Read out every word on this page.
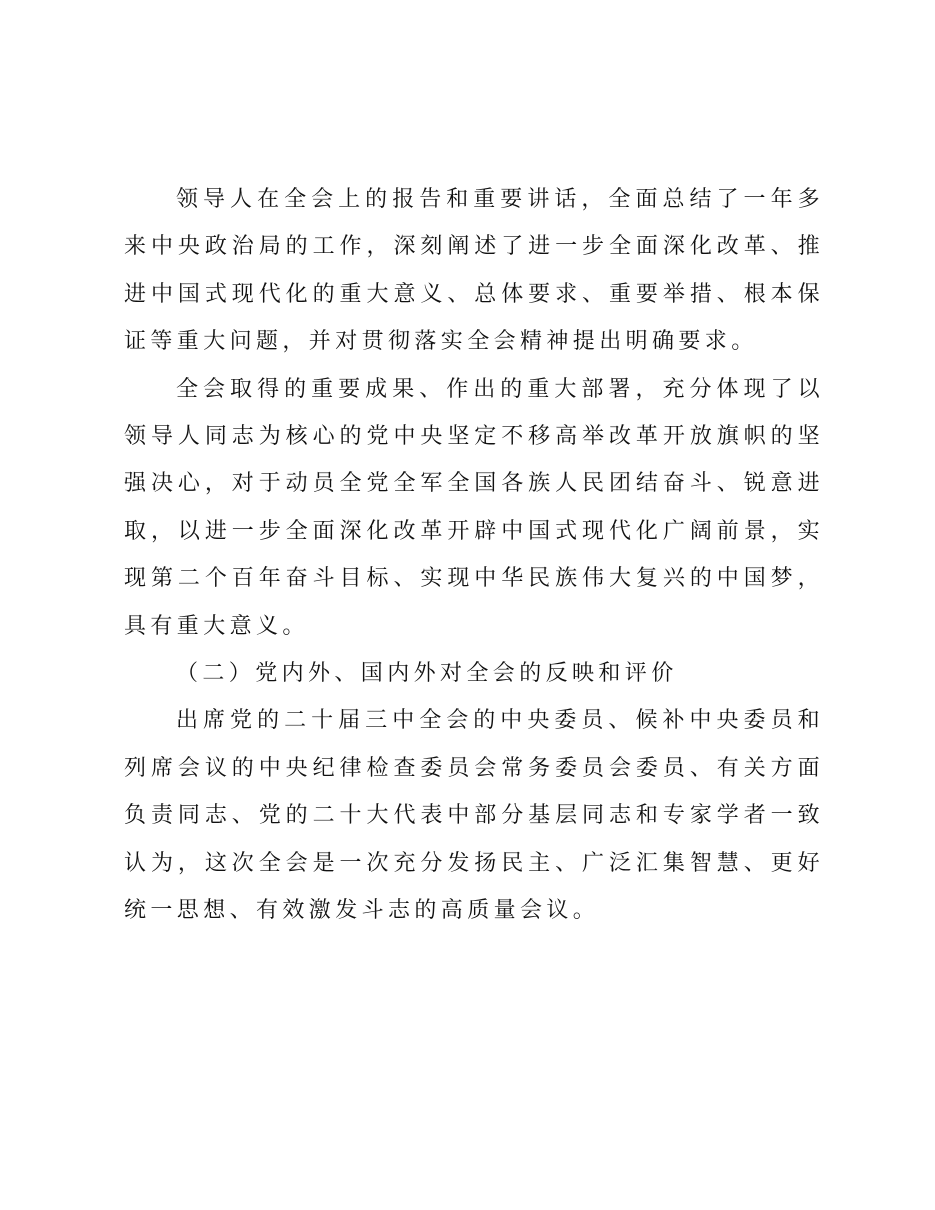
领导人在全会上的报告和重要讲话，全面总结了一年多来中央政治局的工作，深刻阐述了进一步全面深化改革、推进中国式现代化的重大意义、总体要求、重要举措、根本保证等重大问题，并对贯彻落实全会精神提出明确要求。

全会取得的重要成果、作出的重大部署，充分体现了以领导人同志为核心的党中央坚定不移高举改革开放旗帜的坚强决心，对于动员全党全军全国各族人民团结奋斗、锐意进取，以进一步全面深化改革开辟中国式现代化广阔前景，实现第二个百年奋斗目标、实现中华民族伟大复兴的中国梦，具有重大意义。

（二）党内外、国内外对全会的反映和评价

出席党的二十届三中全会的中央委员、候补中央委员和列席会议的中央纪律检查委员会常务委员会委员、有关方面负责同志、党的二十大代表中部分基层同志和专家学者一致认为，这次全会是一次充分发扬民主、广泛汇集智慧、更好统一思想、有效激发斗志的高质量会议。
